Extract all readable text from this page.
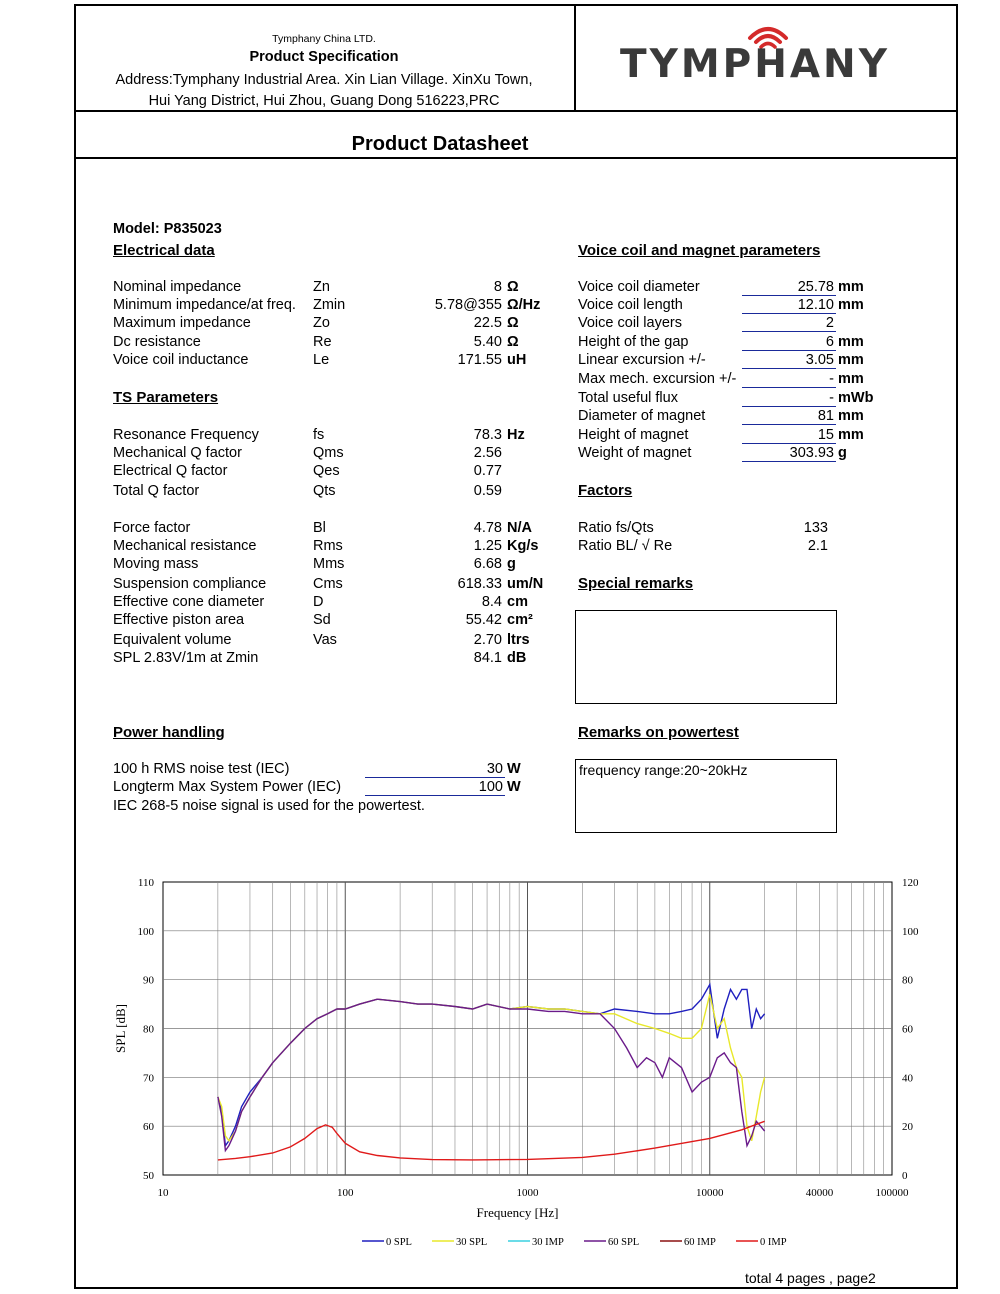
Tymphany China LTD.
Product Specification
Address:Tymphany Industrial Area. Xin Lian Village. XinXu Town,
Hui Yang District, Hui Zhou, Guang Dong 516223,PRC
TYMPHANY
Product Datasheet
Model: P835023
Electrical data
Nominal impedance	Zn	8 Ω
Minimum impedance/at freq. Zmin	5.78@355 Ω/Hz
Maximum impedance	Zo	22.5 Ω
Dc resistance	Re	5.40 Ω
Voice coil inductance	Le	171.55 uH
TS Parameters
Resonance Frequency	fs	78.3 Hz
Mechanical Q factor	Qms	2.56
Electrical Q factor	Qes	0.77
Total Q factor	Qts	0.59
Force factor	Bl	4.78 N/A
Mechanical resistance	Rms	1.25 Kg/s
Moving mass	Mms	6.68 g
Suspension compliance	Cms	618.33 um/N
Effective cone diameter	D	8.4 cm
Effective piston area	Sd	55.42 cm²
Equivalent volume	Vas	2.70 ltrs
SPL 2.83V/1m at Zmin	84.1 dB
Voice coil and magnet parameters
Voice coil diameter	25.78 mm
Voice coil length	12.10 mm
Voice coil layers	2
Height of the gap	6 mm
Linear excursion +/-	3.05 mm
Max mech. excursion +/-	- mm
Total useful flux	- mWb
Diameter of magnet	81 mm
Height of magnet	15 mm
Weight of magnet	303.93 g
Factors
Ratio fs/Qts	133
Ratio BL/ √ Re	2.1
Special remarks
Power handling
100 h RMS noise test (IEC)	30 W
Longterm Max System Power (IEC)	100 W
IEC 268-5 noise signal is used for the powertest.
Remarks on powertest
frequency range:20~20kHz
50
60
70
80
90
100
110
0
20
40
60
80
100
120
10	100	1000	10000	40000	100000
Frequency [Hz]
SPL [dB]
0 SPL	30 SPL	30 IMP	60 SPL	60 IMP	0 IMP
total 4 pages , page2
